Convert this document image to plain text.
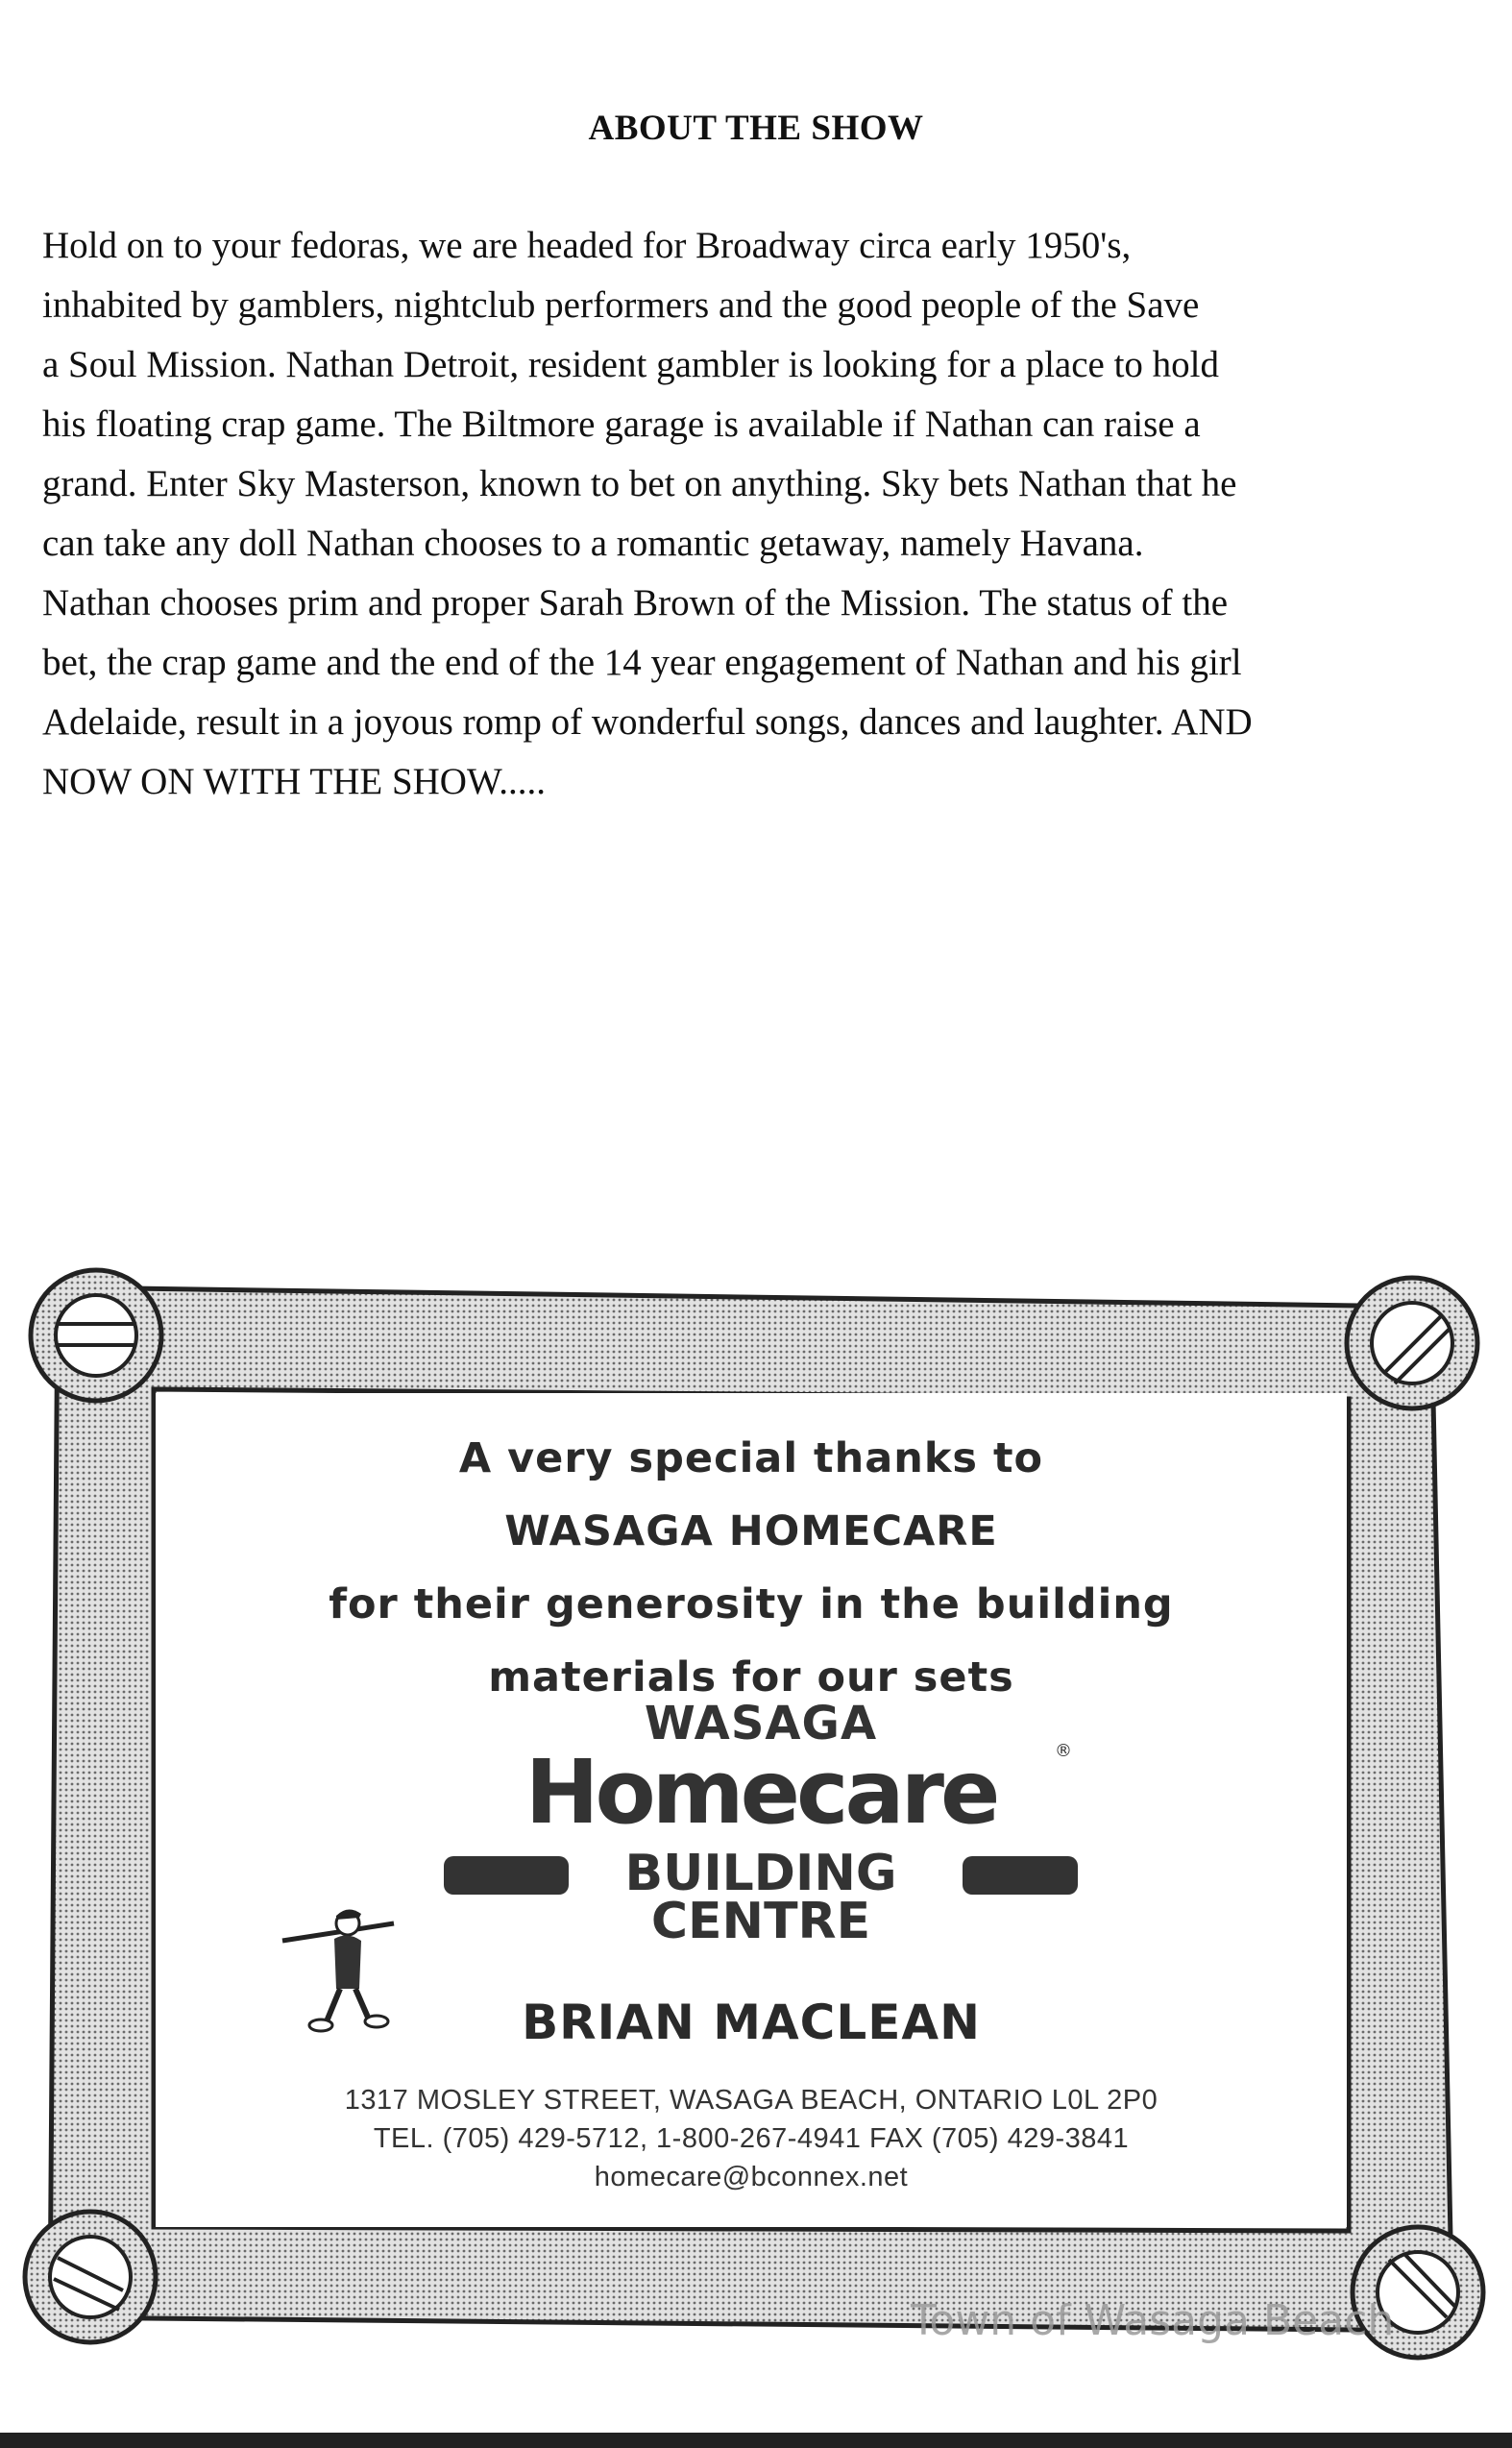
ABOUT THE SHOW
Hold on to your fedoras, we are headed for Broadway circa early 1950's,
inhabited by gamblers, nightclub performers and the good people of the Save
a Soul Mission. Nathan Detroit, resident gambler is looking for a place to hold
his floating crap game. The Biltmore garage is available if Nathan can raise a
grand. Enter Sky Masterson, known to bet on anything. Sky bets Nathan that he
can take any doll Nathan chooses to a romantic getaway, namely Havana.
Nathan chooses prim and proper Sarah Brown of the Mission. The status of the
bet, the crap game and the end of the 14 year engagement of Nathan and his girl
Adelaide, result in a joyous romp of wonderful songs, dances and laughter. AND
NOW ON WITH THE SHOW.....
A very special thanks to
WASAGA HOMECARE
for their generosity in the building
materials for our sets
WASAGA
Homecare	®
BUILDING
CENTRE
BRIAN MACLEAN
1317 MOSLEY STREET, WASAGA BEACH, ONTARIO L0L 2P0
TEL. (705) 429-5712, 1-800-267-4941 FAX (705) 429-3841
homecare@bconnex.net
Town of Wasaga Beach
